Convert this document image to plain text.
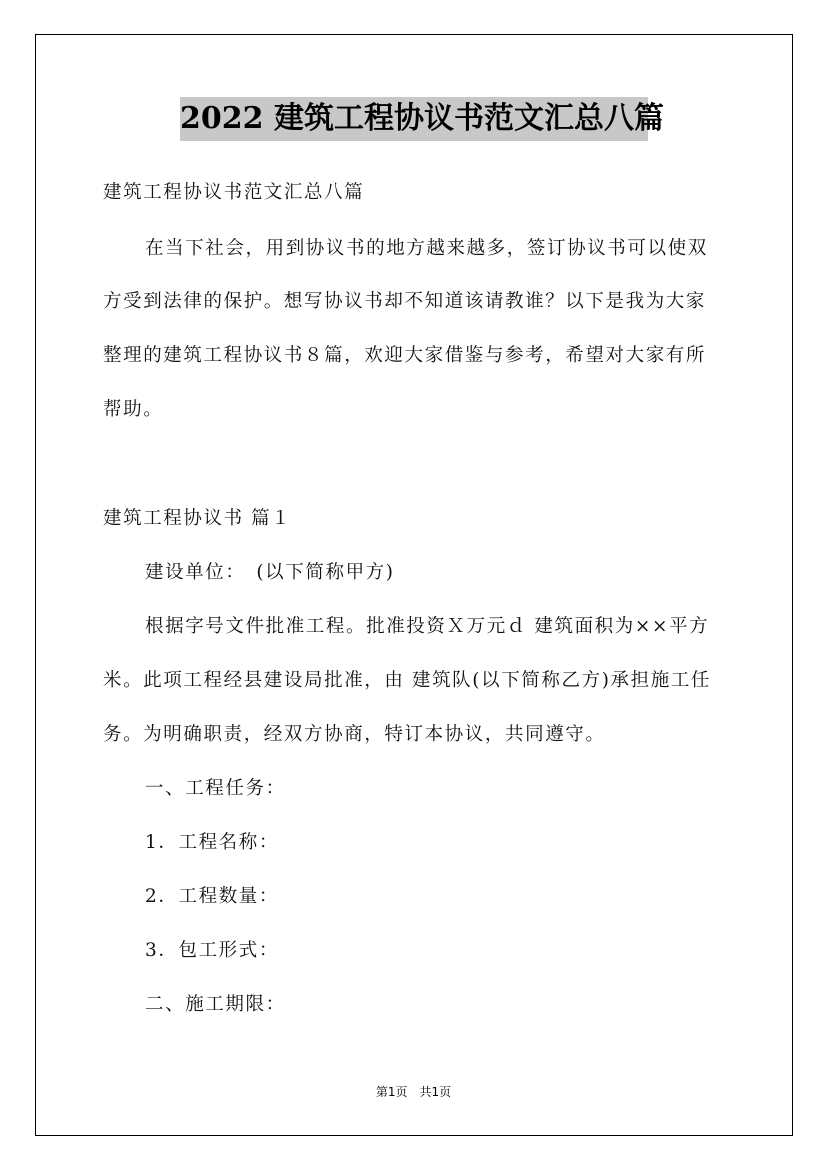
2022 建筑工程协议书范文汇总八篇
建筑工程协议书范文汇总八篇
在当下社会，用到协议书的地方越来越多，签订协议书可以使双
方受到法律的保护。想写协议书却不知道该请教谁？以下是我为大家
整理的建筑工程协议书８篇，欢迎大家借鉴与参考，希望对大家有所
帮助。
建筑工程协议书 篇１
建设单位：　(以下简称甲方)
根据字号文件批准工程。批准投资Ｘ万元ｄ 建筑面积为××平方
米。此项工程经县建设局批准，由 建筑队(以下简称乙方)承担施工任
务。为明确职责，经双方协商，特订本协议，共同遵守。
一、工程任务：
1．工程名称：
2．工程数量：
3．包工形式：
二、施工期限：
第1页　共1页
